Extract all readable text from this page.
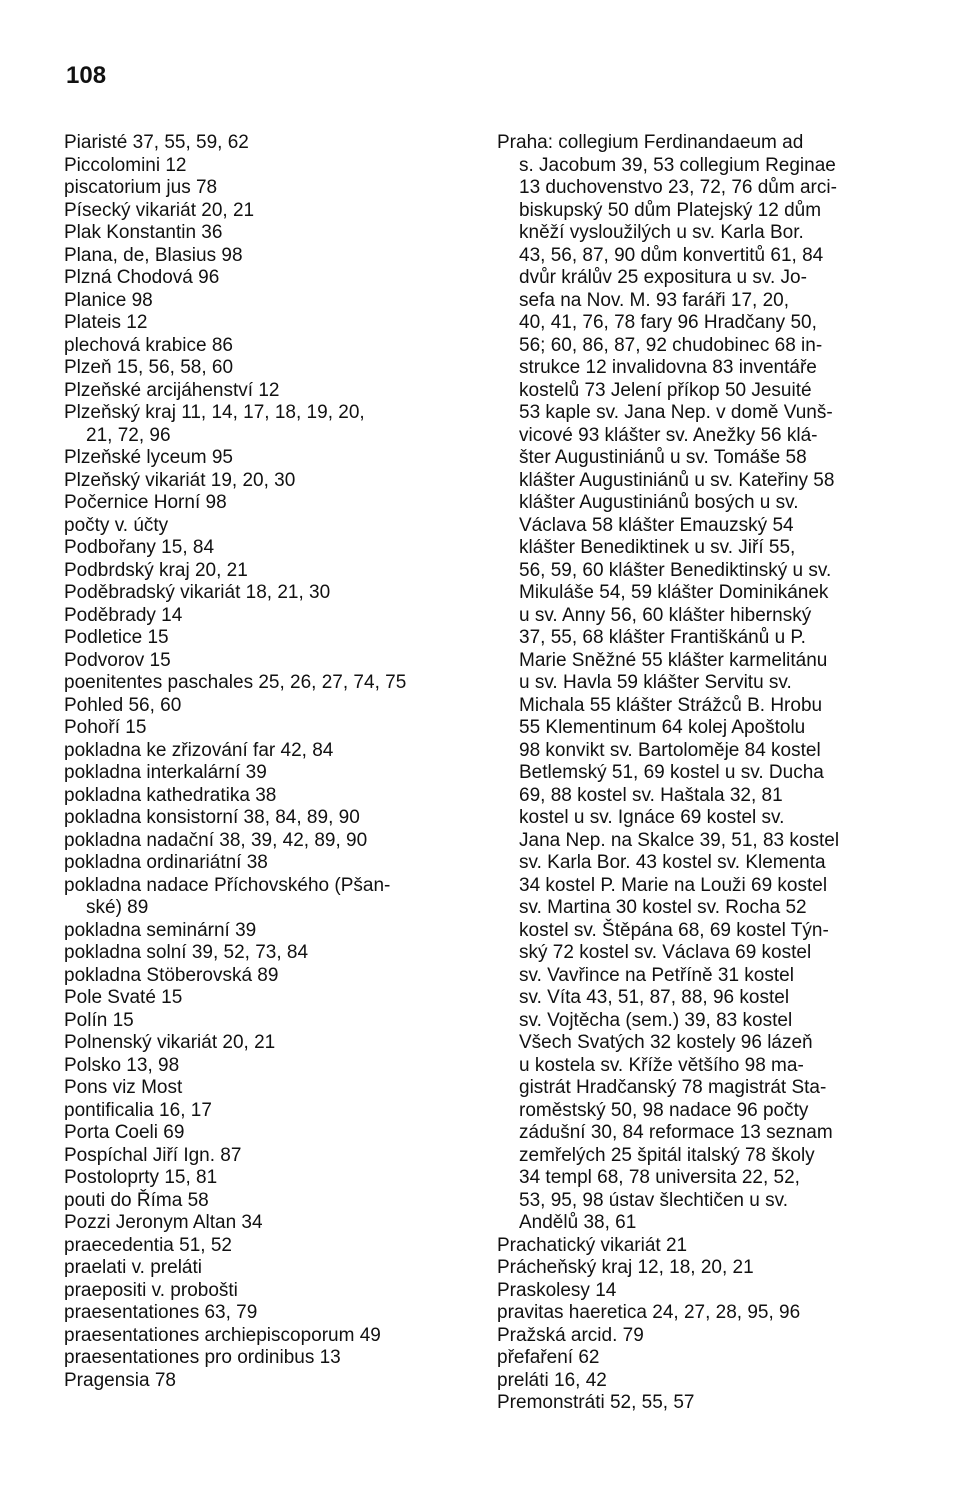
108
Piaristé 37, 55, 59, 62
Piccolomini 12
piscatorium jus 78
Písecký vikariát 20, 21
Plak Konstantin 36
Plana, de, Blasius 98
Plzná Chodová 96
Planice 98
Plateis 12
plechová krabice 86
Plzeň 15, 56, 58, 60
Plzeňské arcijáhenství 12
Plzeňský kraj 11, 14, 17, 18, 19, 20,
21, 72, 96
Plzeňské lyceum 95
Plzeňský vikariát 19, 20, 30
Počernice Horní 98
počty v. účty
Podbořany 15, 84
Podbrdský kraj 20, 21
Poděbradský vikariát 18, 21, 30
Poděbrady 14
Podletice 15
Podvorov 15
poenitentes paschales 25, 26, 27, 74, 75
Pohled 56, 60
Pohoří 15
pokladna ke zřizování far 42, 84
pokladna interkalární 39
pokladna kathedratika 38
pokladna konsistorní 38, 84, 89, 90
pokladna nadační 38, 39, 42, 89, 90
pokladna ordinariátní 38
pokladna nadace Příchovského (Pšan-
ské) 89
pokladna seminární 39
pokladna solní 39, 52, 73, 84
pokladna Stöberovská 89
Pole Svaté 15
Polín 15
Polnenský vikariát 20, 21
Polsko 13, 98
Pons viz Most
pontificalia 16, 17
Porta Coeli 69
Pospíchal Jiří Ign. 87
Postoloprty 15, 81
pouti do Říma 58
Pozzi Jeronym Altan 34
praecedentia 51, 52
praelati v. preláti
praepositi v. probošti
praesentationes 63, 79
praesentationes archiepiscoporum 49
praesentationes pro ordinibus 13
Pragensia 78
Praha: collegium Ferdinandaeum ad
s. Jacobum 39, 53 collegium Reginae
13 duchovenstvo 23, 72, 76 dům arci-
biskupský 50 dům Platejský 12 dům
kněží vysloužilých u sv. Karla Bor.
43, 56, 87, 90 dům konvertitů 61, 84
dvůr králův 25 expositura u sv. Jo-
sefa na Nov. M. 93 faráři 17, 20,
40, 41, 76, 78 fary 96 Hradčany 50,
56; 60, 86, 87, 92 chudobinec 68 in-
strukce 12 invalidovna 83 inventáře
kostelů 73 Jelení příkop 50 Jesuité
53 kaple sv. Jana Nep. v domě Vunš-
vicové 93 klášter sv. Anežky 56 klá-
šter Augustiniánů u sv. Tomáše 58
klášter Augustiniánů u sv. Kateřiny 58
klášter Augustiniánů bosých u sv.
Václava 58 klášter Emauzský 54
klášter Benediktinek u sv. Jiří 55,
56, 59, 60 klášter Benediktinský u sv.
Mikuláše 54, 59 klášter Dominikánek
u sv. Anny 56, 60 klášter hibernský
37, 55, 68 klášter Františkánů u P.
Marie Sněžné 55 klášter karmelitánu
u sv. Havla 59 klášter Servitu sv.
Michala 55 klášter Strážců B. Hrobu
55 Klementinum 64 kolej Apoštolu
98 konvikt sv. Bartoloměje 84 kostel
Betlemský 51, 69 kostel u sv. Ducha
69, 88 kostel sv. Haštala 32, 81
kostel u sv. Ignáce 69 kostel sv.
Jana Nep. na Skalce 39, 51, 83 kostel
sv. Karla Bor. 43 kostel sv. Klementa
34 kostel P. Marie na Louži 69 kostel
sv. Martina 30 kostel sv. Rocha 52
kostel sv. Štěpána 68, 69 kostel Týn-
ský 72 kostel sv. Václava 69 kostel
sv. Vavřince na Petříně 31 kostel
sv. Víta 43, 51, 87, 88, 96 kostel
sv. Vojtěcha (sem.) 39, 83 kostel
Všech Svatých 32 kostely 96 lázeň
u kostela sv. Kříže většího 98 ma-
gistrát Hradčanský 78 magistrát Sta-
roměstský 50, 98 nadace 96 počty
zádušní 30, 84 reformace 13 seznam
zemřelých 25 špitál italský 78 školy
34 templ 68, 78 universita 22, 52,
53, 95, 98 ústav šlechtičen u sv.
Andělů 38, 61
Prachatický vikariát 21
Prácheňský kraj 12, 18, 20, 21
Praskolesy 14
pravitas haeretica 24, 27, 28, 95, 96
Pražská arcid. 79
přefaření 62
preláti 16, 42
Premonstráti 52, 55, 57
